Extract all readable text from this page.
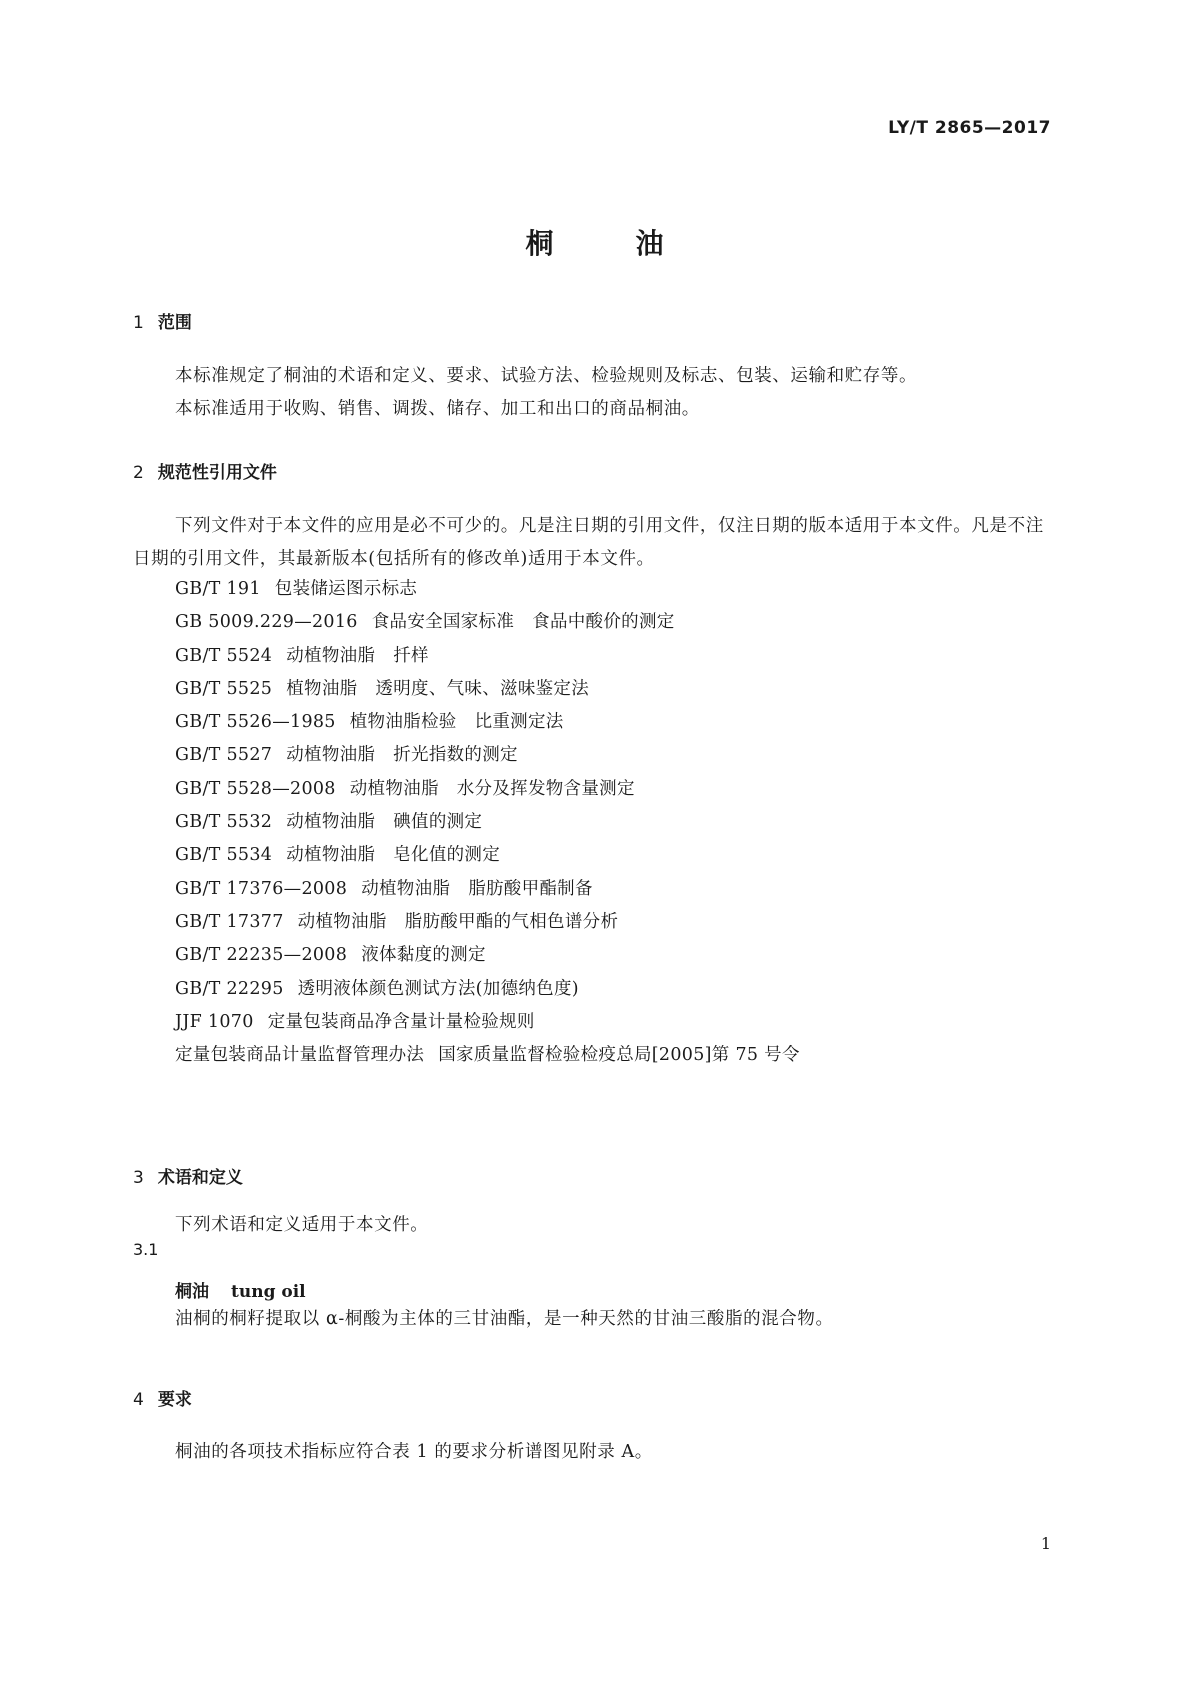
LY/T 2865—2017
桐	油
1 范围
本标准规定了桐油的术语和定义、要求、试验方法、检验规则及标志、包装、运输和贮存等。
本标准适用于收购、销售、调拨、储存、加工和出口的商品桐油。
2 规范性引用文件
下列文件对于本文件的应用是必不可少的。凡是注日期的引用文件，仅注日期的版本适用于本文件。凡是不注日期的引用文件，其最新版本(包括所有的修改单)适用于本文件。
GB/T 191 包装储运图示标志
GB 5009.229—2016 食品安全国家标准 食品中酸价的测定
GB/T 5524 动植物油脂 扦样
GB/T 5525 植物油脂 透明度、气味、滋味鉴定法
GB/T 5526—1985 植物油脂检验 比重测定法
GB/T 5527 动植物油脂 折光指数的测定
GB/T 5528—2008 动植物油脂 水分及挥发物含量测定
GB/T 5532 动植物油脂 碘值的测定
GB/T 5534 动植物油脂 皂化值的测定
GB/T 17376—2008 动植物油脂 脂肪酸甲酯制备
GB/T 17377 动植物油脂 脂肪酸甲酯的气相色谱分析
GB/T 22235—2008 液体黏度的测定
GB/T 22295 透明液体颜色测试方法(加德纳色度)
JJF 1070 定量包装商品净含量计量检验规则
定量包装商品计量监督管理办法 国家质量监督检验检疫总局[2005]第 75 号令
3 术语和定义
下列术语和定义适用于本文件。
3.1
桐油 tung oil
油桐的桐籽提取以 α-桐酸为主体的三甘油酯，是一种天然的甘油三酸脂的混合物。
4 要求
桐油的各项技术指标应符合表 1 的要求分析谱图见附录 A。
1
